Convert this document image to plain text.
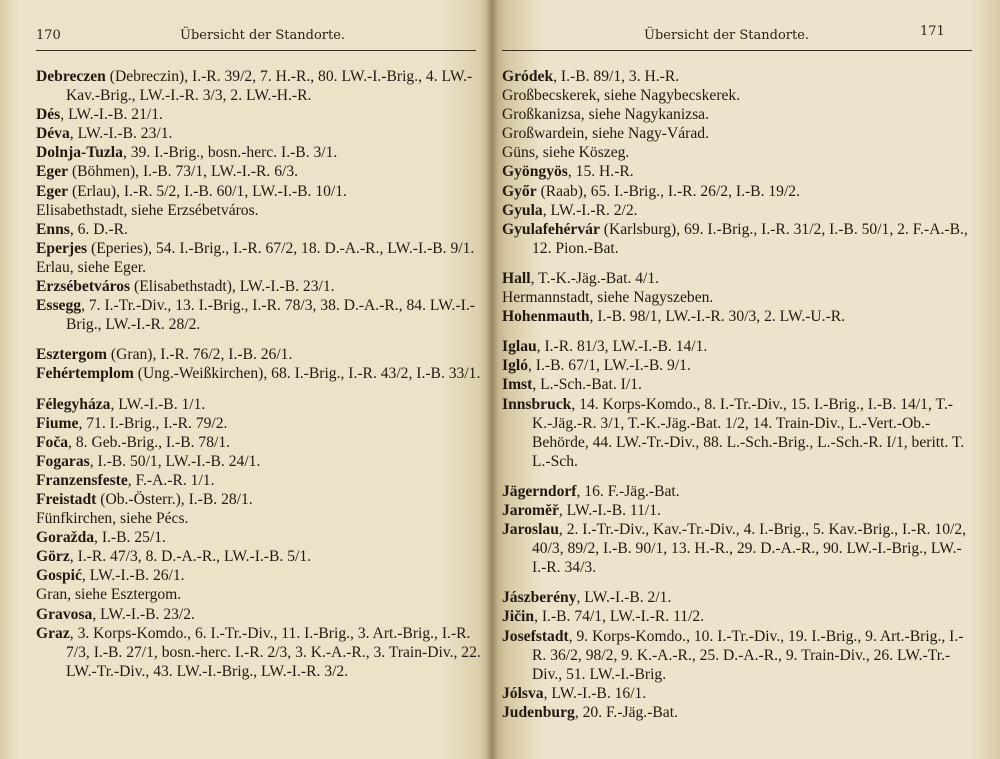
170	Übersicht der Standorte.

Debreczen (Debreczin), I.-R. 39/2, 7. H.-R., 80. LW.-I.-Brig., 4. LW.-Kav.-Brig., LW.-I.-R. 3/3, 2. LW.-H.-R.

Dés, LW.-I.-B. 21/1.

Déva, LW.-I.-B. 23/1.

Dolnja-Tuzla, 39. I.-Brig., bosn.-herc. I.-B. 3/1.

Eger (Böhmen), I.-B. 73/1, LW.-I.-R. 6/3.

Eger (Erlau), I.-R. 5/2, I.-B. 60/1, LW.-I.-B. 10/1.

Elisabethstadt, siehe Erzsébetváros.

Enns, 6. D.-R.

Eperjes (Eperies), 54. I.-Brig., I.-R. 67/2, 18. D.-A.-R., LW.-I.-B. 9/1.

Erlau, siehe Eger.

Erzsébetváros (Elisabethstadt), LW.-I.-B. 23/1.

Essegg, 7. I.-Tr.-Div., 13. I.-Brig., I.-R. 78/3, 38. D.-A.-R., 84. LW.-I.-Brig., LW.-I.-R. 28/2.

Esztergom (Gran), I.-R. 76/2, I.-B. 26/1.

Fehértemplom (Ung.-Weißkirchen), 68. I.-Brig., I.-R. 43/2, I.-B. 33/1.

Félegyháza, LW.-I.-B. 1/1.

Fiume, 71. I.-Brig., I.-R. 79/2.

Foča, 8. Geb.-Brig., I.-B. 78/1.

Fogaras, I.-B. 50/1, LW.-I.-B. 24/1.

Franzensfeste, F.-A.-R. 1/1.

Freistadt (Ob.-Österr.), I.-B. 28/1.

Fünfkirchen, siehe Pécs.

Goražda, I.-B. 25/1.

Görz, I.-R. 47/3, 8. D.-A.-R., LW.-I.-B. 5/1.

Gospić, LW.-I.-B. 26/1.

Gran, siehe Esztergom.

Gravosa, LW.-I.-B. 23/2.

Graz, 3. Korps-Komdo., 6. I.-Tr.-Div., 11. I.-Brig., 3. Art.-Brig., I.-R. 7/3, I.-B. 27/1, bosn.-herc. I.-R. 2/3, 3. K.-A.-R., 3. Train-Div., 22. LW.-Tr.-Div., 43. LW.-I.-Brig., LW.-I.-R. 3/2.

Übersicht der Standorte.	171

Gródek, I.-B. 89/1, 3. H.-R.

Großbecskerek, siehe Nagybecskerek.

Großkanizsa, siehe Nagykanizsa.

Großwardein, siehe Nagy-Várad.

Güns, siehe Köszeg.

Gyöngyös, 15. H.-R.

Győr (Raab), 65. I.-Brig., I.-R. 26/2, I.-B. 19/2.

Gyula, LW.-I.-R. 2/2.

Gyulafehérvár (Karlsburg), 69. I.-Brig., I.-R. 31/2, I.-B. 50/1, 2. F.-A.-B., 12. Pion.-Bat.

Hall, T.-K.-Jäg.-Bat. 4/1.

Hermannstadt, siehe Nagyszeben.

Hohenmauth, I.-B. 98/1, LW.-I.-R. 30/3, 2. LW.-U.-R.

Iglau, I.-R. 81/3, LW.-I.-B. 14/1.

Igló, I.-B. 67/1, LW.-I.-B. 9/1.

Imst, L.-Sch.-Bat. I/1.

Innsbruck, 14. Korps-Komdo., 8. I.-Tr.-Div., 15. I.-Brig., I.-B. 14/1, T.-K.-Jäg.-R. 3/1, T.-K.-Jäg.-Bat. 1/2, 14. Train-Div., L.-Vert.-Ob.-Behörde, 44. LW.-Tr.-Div., 88. L.-Sch.-Brig., L.-Sch.-R. I/1, beritt. T. L.-Sch.

Jägerndorf, 16. F.-Jäg.-Bat.

Jaroměř, LW.-I.-B. 11/1.

Jaroslau, 2. I.-Tr.-Div., Kav.-Tr.-Div., 4. I.-Brig., 5. Kav.-Brig., I.-R. 10/2, 40/3, 89/2, I.-B. 90/1, 13. H.-R., 29. D.-A.-R., 90. LW.-I.-Brig., LW.-I.-R. 34/3.

Jászberény, LW.-I.-B. 2/1.

Jičin, I.-B. 74/1, LW.-I.-R. 11/2.

Josefstadt, 9. Korps-Komdo., 10. I.-Tr.-Div., 19. I.-Brig., 9. Art.-Brig., I.-R. 36/2, 98/2, 9. K.-A.-R., 25. D.-A.-R., 9. Train-Div., 26. LW.-Tr.-Div., 51. LW.-I.-Brig.

Jólsva, LW.-I.-B. 16/1.

Judenburg, 20. F.-Jäg.-Bat.
